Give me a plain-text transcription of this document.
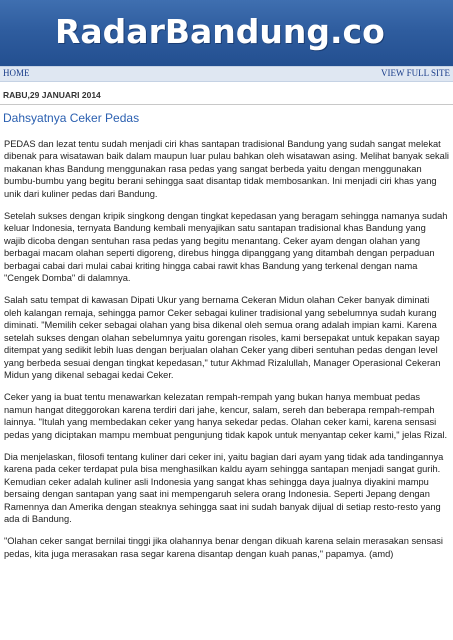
RadarBandung.co
HOME	VIEW FULL SITE
RABU,29 JANUARI 2014
Dahsyatnya Ceker Pedas

PEDAS dan lezat tentu sudah menjadi ciri khas santapan tradisional Bandung yang sudah sangat melekat dibenak para wisatawan baik dalam maupun luar pulau bahkan oleh wisatawan asing. Melihat banyak sekali makanan khas Bandung menggunakan rasa pedas yang sangat berbeda yaitu dengan menggunakan bumbu-bumbu yang begitu berani sehingga saat disantap tidak membosankan. Ini menjadi ciri khas yang unik dari kuliner pedas dari Bandung.

Setelah sukses dengan kripik singkong dengan tingkat kepedasan yang beragam sehingga namanya sudah keluar Indonesia, ternyata Bandung kembali menyajikan satu santapan tradisional khas Bandung yang wajib dicoba dengan sentuhan rasa pedas yang begitu menantang. Ceker ayam dengan olahan yang berbagai macam olahan seperti digoreng, direbus hingga dipanggang yang ditambah dengan perpaduan berbagai cabai dari mulai cabai kriting hingga cabai rawit khas Bandung yang terkenal dengan nama "Cengek Domba" di dalamnya.

Salah satu tempat di kawasan Dipati Ukur yang bernama Cekeran Midun olahan Ceker banyak diminati oleh kalangan remaja, sehingga pamor Ceker sebagai kuliner tradisional yang sebelumnya sudah kurang diminati. "Memilih ceker sebagai olahan yang bisa dikenal oleh semua orang adalah impian kami. Karena setelah sukses dengan olahan sebelumnya yaitu gorengan risoles, kami bersepakat untuk kepakan sayap ditempat yang sedikit lebih luas dengan berjualan olahan Ceker yang diberi sentuhan pedas dengan level yang berbeda sesuai dengan tingkat kepedasan," tutur Akhmad Rizalullah, Manager Operasional Cekeran Midun yang dikenal sebagai kedai Ceker.

Ceker yang ia buat tentu menawarkan kelezatan rempah-rempah yang bukan hanya membuat pedas namun hangat diteggorokan karena terdiri dari jahe, kencur, salam, sereh dan beberapa rempah-rempah lainnya. "Itulah yang membedakan ceker yang hanya sekedar pedas. Olahan ceker kami, karena sensasi pedas yang diciptakan mampu membuat pengunjung tidak kapok untuk menyantap ceker kami," jelas Rizal.

Dia menjelaskan, filosofi tentang kuliner dari ceker ini, yaitu bagian dari ayam yang tidak ada tandingannya karena pada ceker terdapat pula bisa menghasilkan kaldu ayam sehingga santapan menjadi sangat gurih. Kemudian ceker adalah kuliner asli Indonesia yang sangat khas sehingga daya jualnya diyakini mampu bersaing dengan santapan yang saat ini mempengaruh selera orang Indonesia. Seperti Jepang dengan Ramennya dan Amerika dengan steaknya sehingga saat ini sudah banyak dijual di setiap resto-resto yang ada di Bandung.

"Olahan ceker sangat bernilai tinggi jika olahannya benar dengan dikuah karena selain merasakan sensasi pedas, kita juga merasakan rasa segar karena disantap dengan kuah panas," papamya. (amd)
